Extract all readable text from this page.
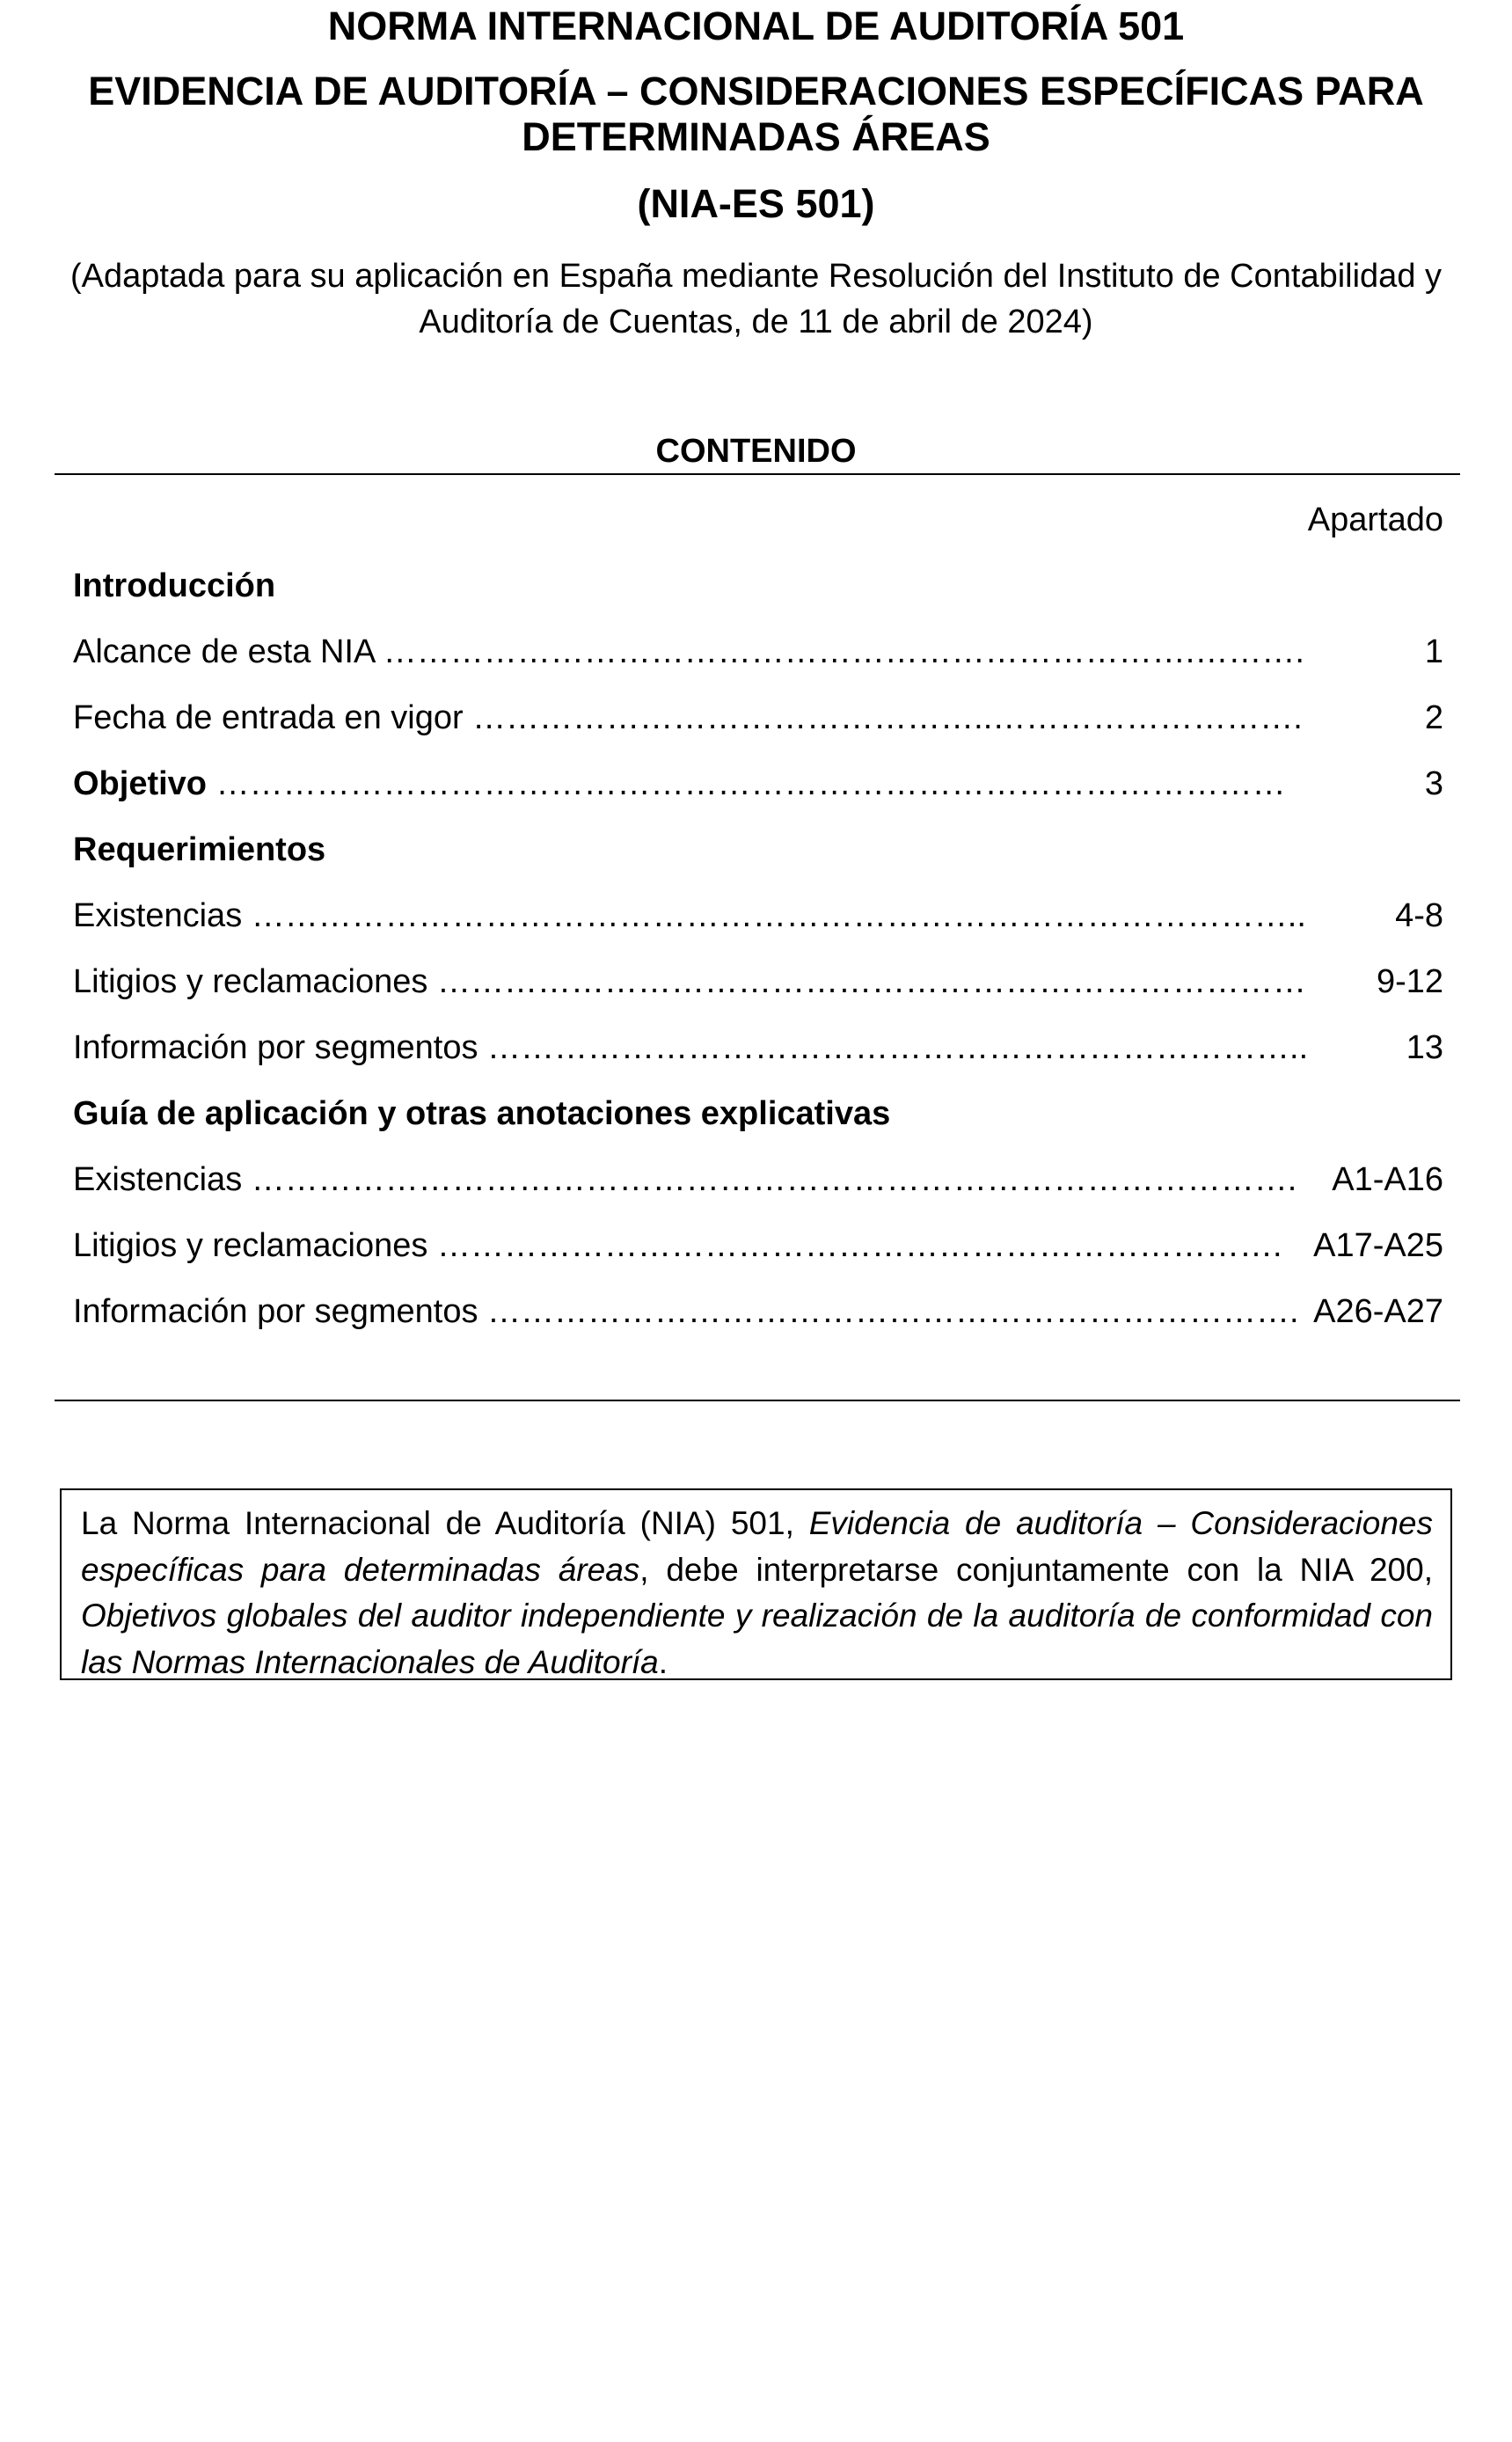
NORMA INTERNACIONAL DE AUDITORÍA 501
EVIDENCIA DE AUDITORÍA – CONSIDERACIONES ESPECÍFICAS PARA
DETERMINADAS ÁREAS
(NIA-ES 501)
(Adaptada para su aplicación en España mediante Resolución del Instituto de Contabilidad y
Auditoría de Cuentas, de 11 de abril de 2024)
CONTENIDO
Apartado
Introducción
Alcance de esta NIA ……………………………………………………………….……….	1
Fecha de entrada en vigor ………………………………………..……………………….	2
Objetivo ……………………………………………………………………………………	3
Requerimientos
Existencias …………………………………………………………………………………..	4-8
Litigios y reclamaciones …………………………………………………………………… 9-12
Información por segmentos ………………………………………………………………..	13
Guía de aplicación y otras anotaciones explicativas
Existencias …………………………………………………………………………………. A1-A16
Litigios y reclamaciones …………………………………………………………………. A17-A25
Información por segmentos ………………………………………………………………. A26-A27
La Norma Internacional de Auditoría (NIA) 501, Evidencia de auditoría – Consideraciones específicas para determinadas áreas, debe interpretarse conjuntamente con la NIA 200, Objetivos globales del auditor independiente y realización de la auditoría de conformidad con las Normas Internacionales de Auditoría.
